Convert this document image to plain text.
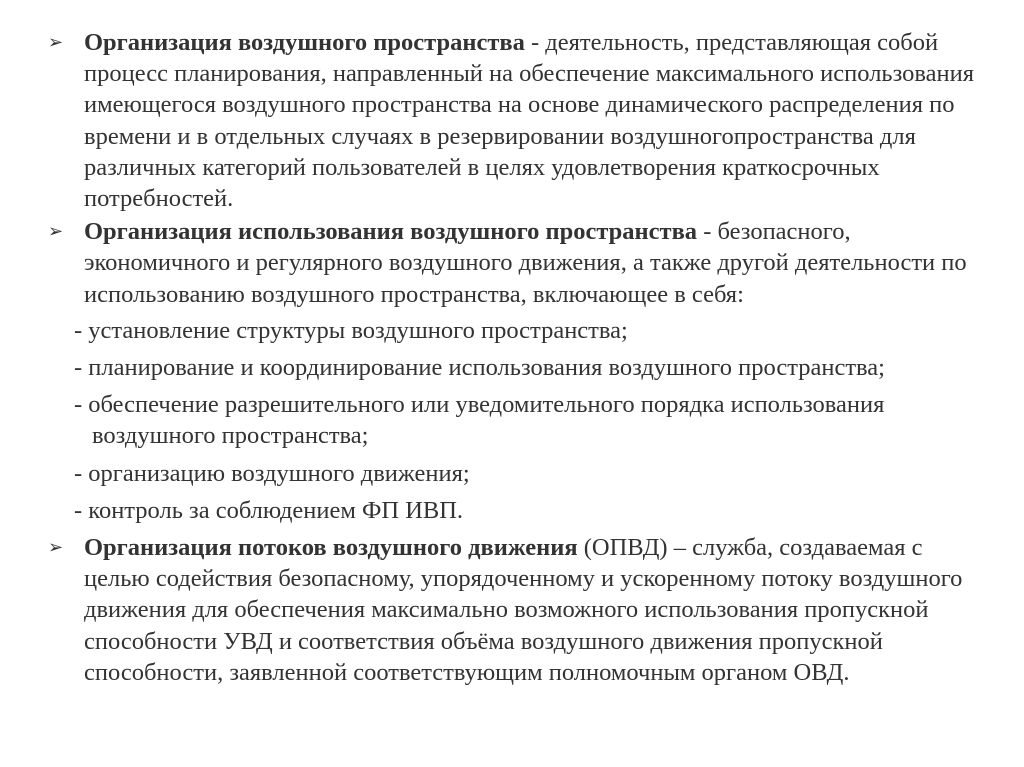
➢ Организация воздушного пространства - деятельность, представляющая собой процесс планирования, направленный на обеспечение максимального использования имеющегося воздушного пространства на основе динамического распределения по времени и в отдельных случаях в резервировании воздушногопространства для различных категорий пользователей в целях удовлетворения краткосрочных потребностей.
➢ Организация использования воздушного пространства - безопасного, экономичного и регулярного воздушного движения, а также другой деятельности по использованию воздушного пространства, включающее в себя:
- установление структуры воздушного пространства;
- планирование и координирование использования воздушного пространства;
- обеспечение разрешительного или уведомительного порядка использования воздушного пространства;
- организацию воздушного движения;
- контроль за соблюдением ФП ИВП.
➢ Организация потоков воздушного движения (ОПВД) – служба, создаваемая с целью содействия безопасному, упорядоченному и ускоренному потоку воздушного движения для обеспечения максимально возможного использования пропускной способности УВД и соответствия объёма воздушного движения пропускной способности, заявленной соответствующим полномочным органом ОВД.
